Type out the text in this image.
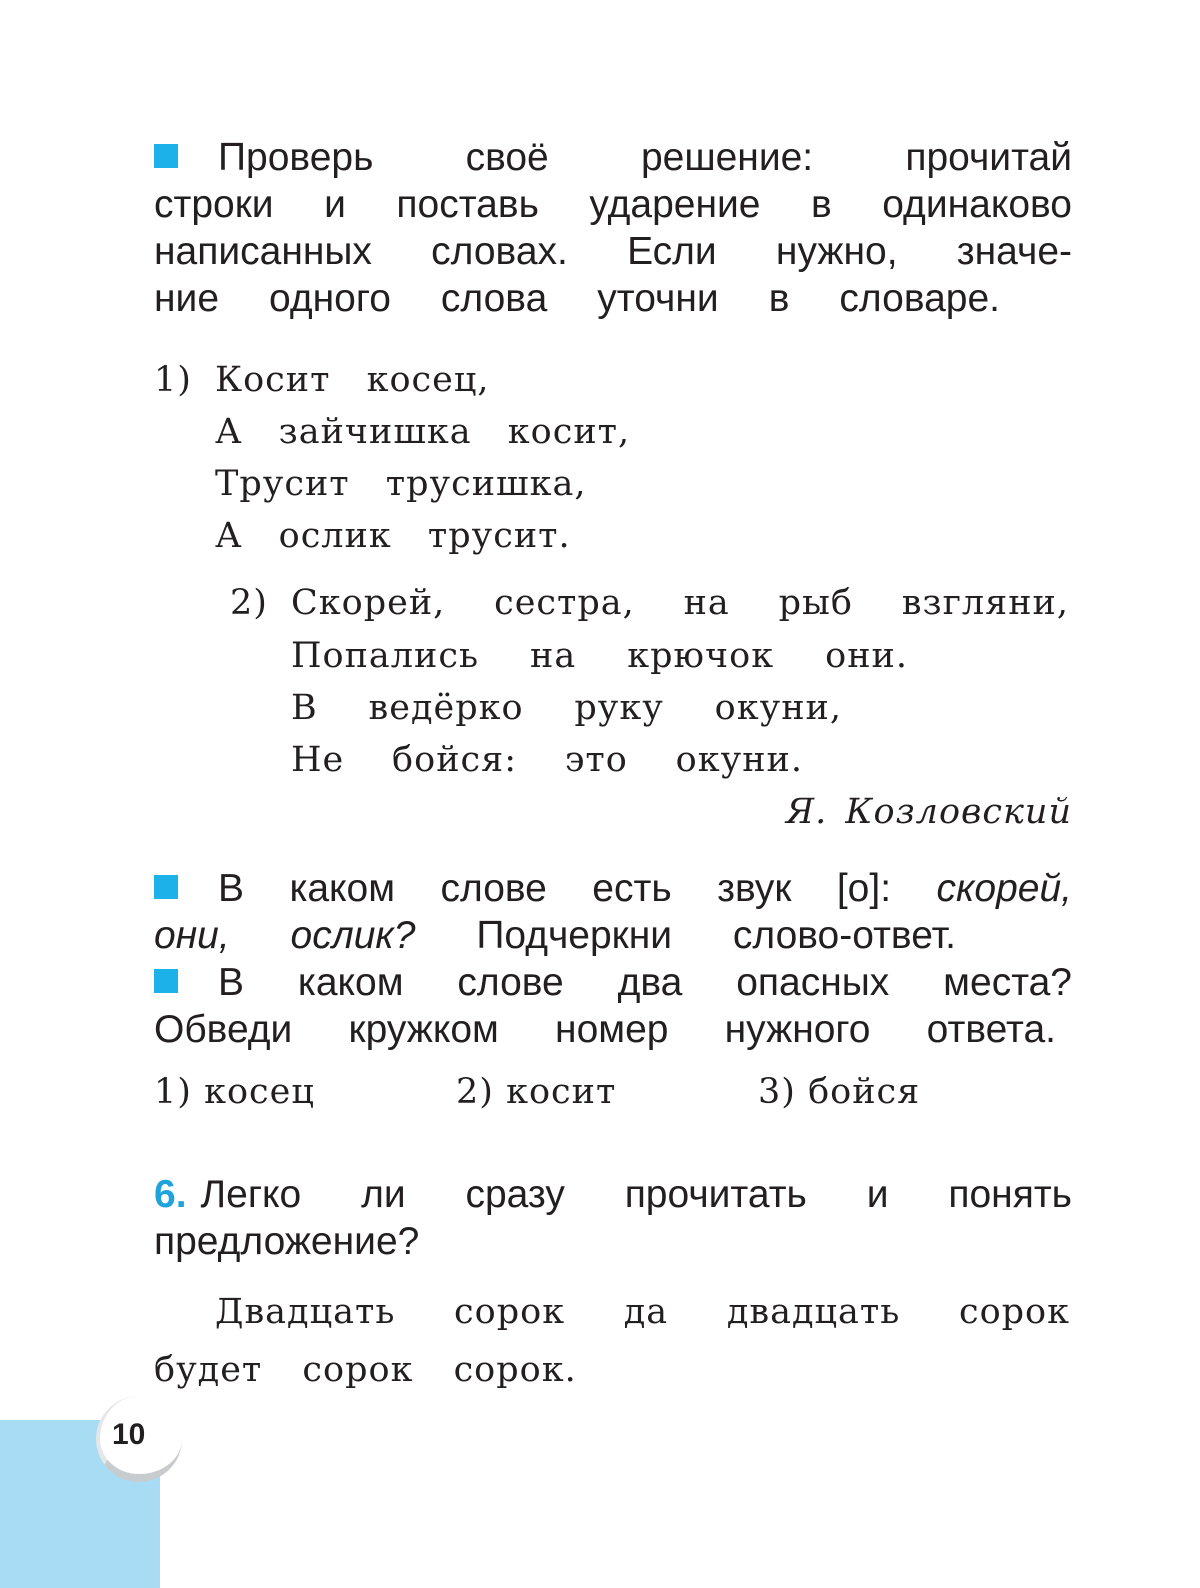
Проверь своё решение: прочитай
строки и поставь ударение в одинаково
написанных словах. Если нужно, значе-
ние одного слова уточни в словаре.
1) Косит косец,
А зайчишка косит,
Трусит трусишка,
А ослик трусит.
2) Скорей, сестра, на рыб взгляни,
Попались на крючок они.
В ведёрко руку окуни,
Не бойся: это окуни.
Я. Козловский
В каком слове есть звук [о]: скорей,
они, ослик? Подчеркни слово-ответ.
В каком слове два опасных места?
Обведи кружком номер нужного ответа.
1) косец	2) косит	3) бойся
6. Легко ли сразу прочитать и понять
предложение?
Двадцать сорок да двадцать сорок
будет сорок сорок.
10
